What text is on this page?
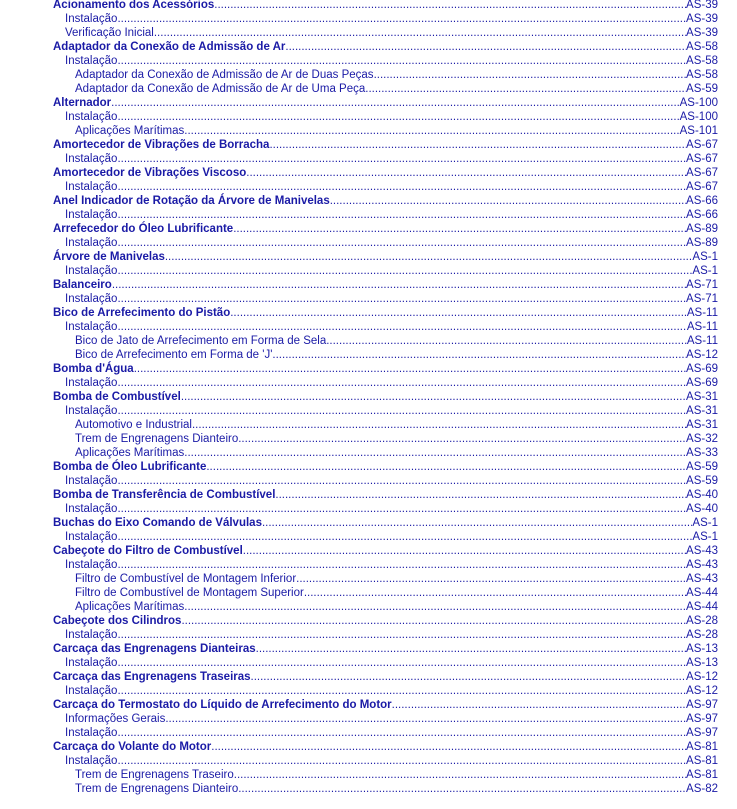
Acionamento dos Acessórios .....	AS-39
Instalação .....	AS-39
Verificação Inicial .....	AS-39
Adaptador da Conexão de Admissão de Ar .....	AS-58
Instalação .....	AS-58
Adaptador da Conexão de Admissão de Ar de Duas Peças .....	AS-58
Adaptador da Conexão de Admissão de Ar de Uma Peça .....	AS-59
Alternador .....	AS-100
Instalação .....	AS-100
Aplicações Marítimas .....	AS-101
Amortecedor de Vibrações de Borracha .....	AS-67
Instalação .....	AS-67
Amortecedor de Vibrações Viscoso .....	AS-67
Instalação .....	AS-67
Anel Indicador de Rotação da Árvore de Manivelas .....	AS-66
Instalação .....	AS-66
Arrefecedor do Óleo Lubrificante .....	AS-89
Instalação .....	AS-89
Árvore de Manivelas .....	AS-1
Instalação .....	AS-1
Balanceiro .....	AS-71
Instalação .....	AS-71
Bico de Arrefecimento do Pistão .....	AS-11
Instalação .....	AS-11
Bico de Jato de Arrefecimento em Forma de Sela .....	AS-11
Bico de Arrefecimento em Forma de 'J' .....	AS-12
Bomba d'Água .....	AS-69
Instalação .....	AS-69
Bomba de Combustível .....	AS-31
Instalação .....	AS-31
Automotivo e Industrial .....	AS-31
Trem de Engrenagens Dianteiro .....	AS-32
Aplicações Marítimas .....	AS-33
Bomba de Óleo Lubrificante .....	AS-59
Instalação .....	AS-59
Bomba de Transferência de Combustível .....	AS-40
Instalação .....	AS-40
Buchas do Eixo Comando de Válvulas .....	AS-1
Instalação .....	AS-1
Cabeçote do Filtro de Combustível .....	AS-43
Instalação .....	AS-43
Filtro de Combustível de Montagem Inferior .....	AS-43
Filtro de Combustível de Montagem Superior .....	AS-44
Aplicações Marítimas .....	AS-44
Cabeçote dos Cilindros .....	AS-28
Instalação .....	AS-28
Carcaça das Engrenagens Dianteiras .....	AS-13
Instalação .....	AS-13
Carcaça das Engrenagens Traseiras .....	AS-12
Instalação .....	AS-12
Carcaça do Termostato do Líquido de Arrefecimento do Motor .....	AS-97
Informações Gerais .....	AS-97
Instalação .....	AS-97
Carcaça do Volante do Motor .....	AS-81
Instalação .....	AS-81
Trem de Engrenagens Traseiro .....	AS-81
Trem de Engrenagens Dianteiro .....	AS-82
